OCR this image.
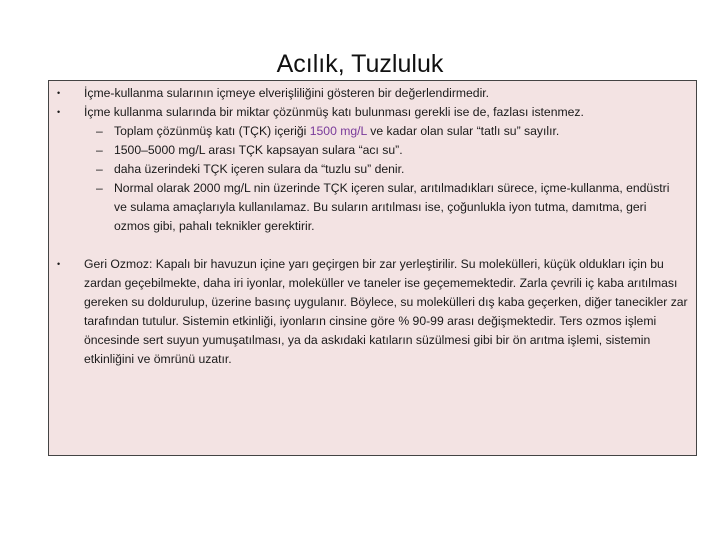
Acılık, Tuzluluk
• İçme-kullanma sularının içmeye elverişliliğini gösteren bir değerlendirmedir.
• İçme kullanma sularında bir miktar çözünmüş katı bulunması gerekli ise de, fazlası istenmez.
– Toplam çözünmüş katı (TÇK) içeriği 1500 mg/L ve kadar olan sular “tatlı su” sayılır.
– 1500–5000 mg/L arası TÇK kapsayan sulara “acı su”.
– daha üzerindeki TÇK içeren sulara da “tuzlu su” denir.
– Normal olarak 2000 mg/L nin üzerinde TÇK içeren sular, arıtılmadıkları sürece, içme-kullanma, endüstri ve sulama amaçlarıyla kullanılamaz. Bu suların arıtılması ise, çoğunlukla iyon tutma, damıtma, geri ozmos gibi, pahalı teknikler gerektirir.
• Geri Ozmoz: Kapalı bir havuzun içine yarı geçirgen bir zar yerleştirilir. Su molekülleri, küçük oldukları için bu zardan geçebilmekte, daha iri iyonlar, moleküller ve taneler ise geçememektedir. Zarla çevrili iç kaba arıtılması gereken su doldurulup, üzerine basınç uygulanır. Böylece, su molekülleri dış kaba geçerken, diğer tanecikler zar tarafından tutulur. Sistemin etkinliği, iyonların cinsine göre % 90-99 arası değişmektedir. Ters ozmos işlemi öncesinde sert suyun yumuşatılması, ya da askıdaki katıların süzülmesi gibi bir ön arıtma işlemi, sistemin etkinliğini ve ömrünü uzatır.
